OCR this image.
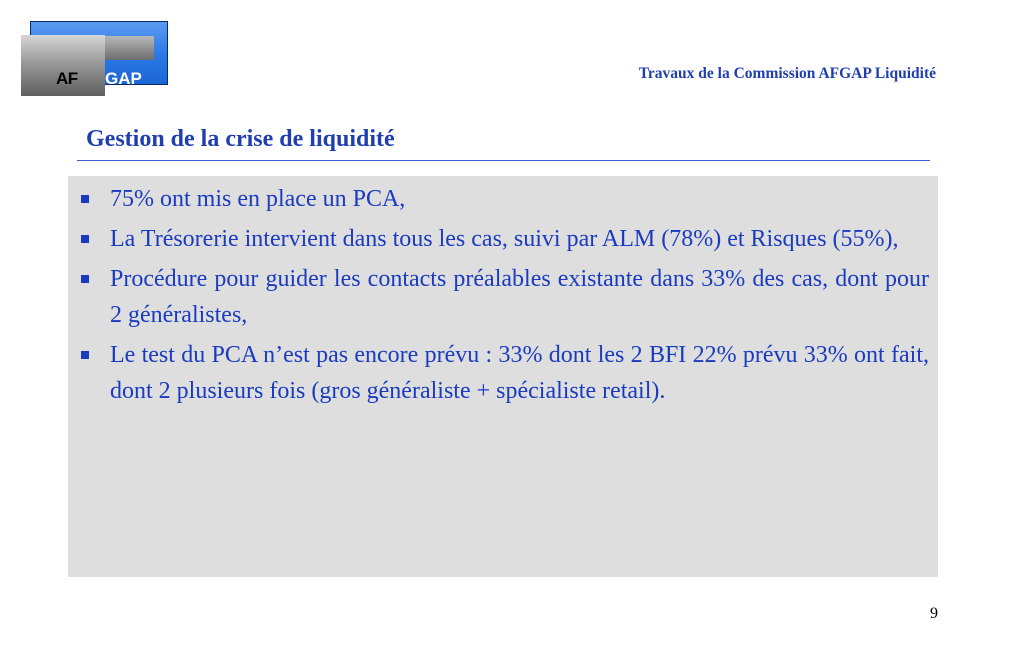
AF GAP	Travaux de la Commission AFGAP Liquidité
Gestion de la crise de liquidité
75% ont mis en place un PCA,
La Trésorerie intervient dans tous les cas, suivi par ALM (78%) et Risques (55%),
Procédure pour guider les contacts préalables existante dans 33% des cas, dont pour 2 généralistes,
Le test du PCA n’est pas encore prévu : 33% dont les 2 BFI 22% prévu 33% ont fait, dont 2 plusieurs fois (gros généraliste + spécialiste retail).
9
